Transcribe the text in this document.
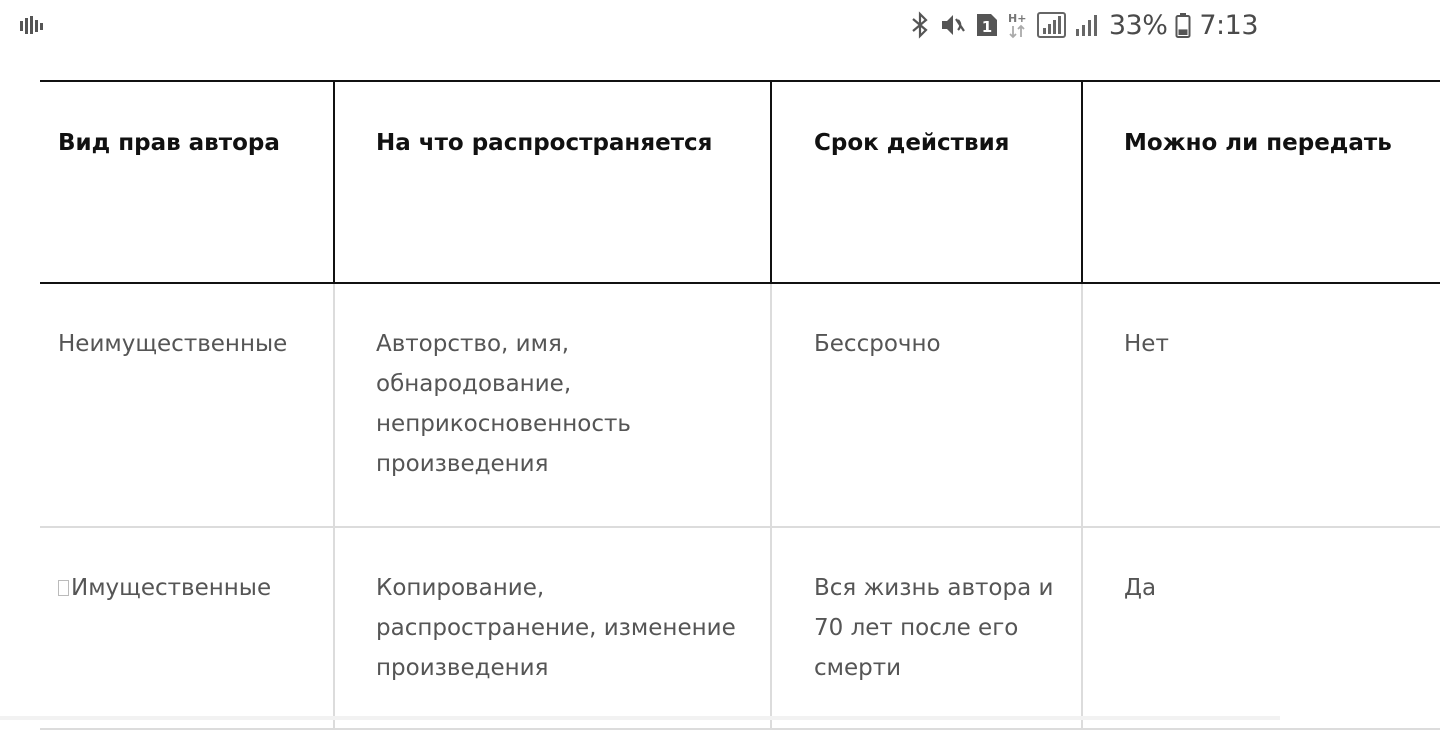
1 H+	33% 7:13
Вид прав автора	На что распространяется	Срок действия	Можно ли передать
Неимущественные	Авторство, имя, обнародование, неприкосновенность произведения	Бессрочно	Нет
Имущественные	Копирование, распространение, изменение произведения	Вся жизнь автора и 70 лет после его смерти	Да
